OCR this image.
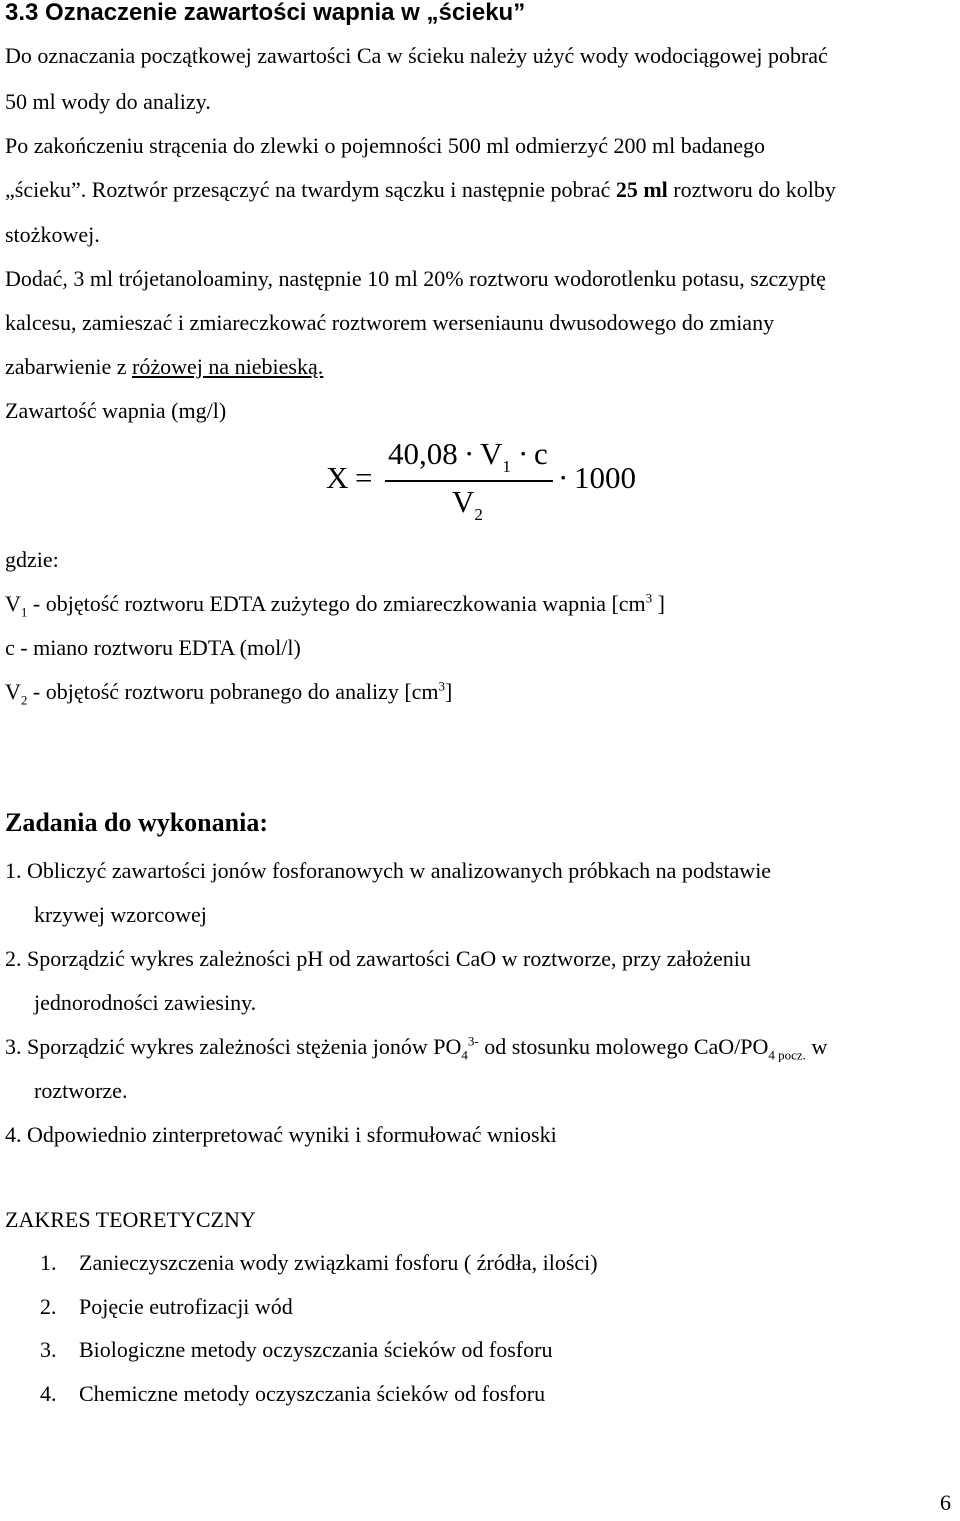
3.3 Oznaczenie zawartości wapnia w „ścieku”
Do oznaczania początkowej zawartości Ca w ścieku należy użyć wody wodociągowej pobrać
50 ml wody do analizy.
Po zakończeniu strącenia do zlewki o pojemności 500 ml odmierzyć 200 ml badanego
„ścieku”. Roztwór przesączyć na twardym sączku i następnie pobrać 25 ml roztworu do kolby
stożkowej.
Dodać, 3 ml trójetanoloaminy, następnie 10 ml 20% roztworu wodorotlenku potasu, szczyptę
kalcesu, zamieszać i zmiareczkować roztworem werseniaunu dwusodowego do zmiany
zabarwienie z różowej na niebieską.
Zawartość wapnia (mg/l)
X =
$40,08 \cdot V_1 \cdot c$
$V_2$
· 1000
gdzie:
$V_1$ - objętość roztworu EDTA zużytego do zmiareczkowania wapnia [$cm^3$ ]
c - miano roztworu EDTA (mol/l)
$V_2$ - objętość roztworu pobranego do analizy $[cm^3]$
Zadania do wykonania:
1. Obliczyć zawartości jonów fosforanowych w analizowanych próbkach na podstawie
krzywej wzorcowej
2. Sporządzić wykres zależności pH od zawartości CaO w roztworze, przy założeniu
jednorodności zawiesiny.
3. Sporządzić wykres zależności stężenia jonów $PO_4^{3-}$ od stosunku molowego CaO/$PO_{4 pocz.}$ w
roztworze.
4. Odpowiednio zinterpretować wyniki i sformułować wnioski
ZAKRES TEORETYCZNY
1. Zanieczyszczenia wody związkami fosforu ( źródła, ilości)
2. Pojęcie eutrofizacji wód
3. Biologiczne metody oczyszczania ścieków od fosforu
4. Chemiczne metody oczyszczania ścieków od fosforu
6
